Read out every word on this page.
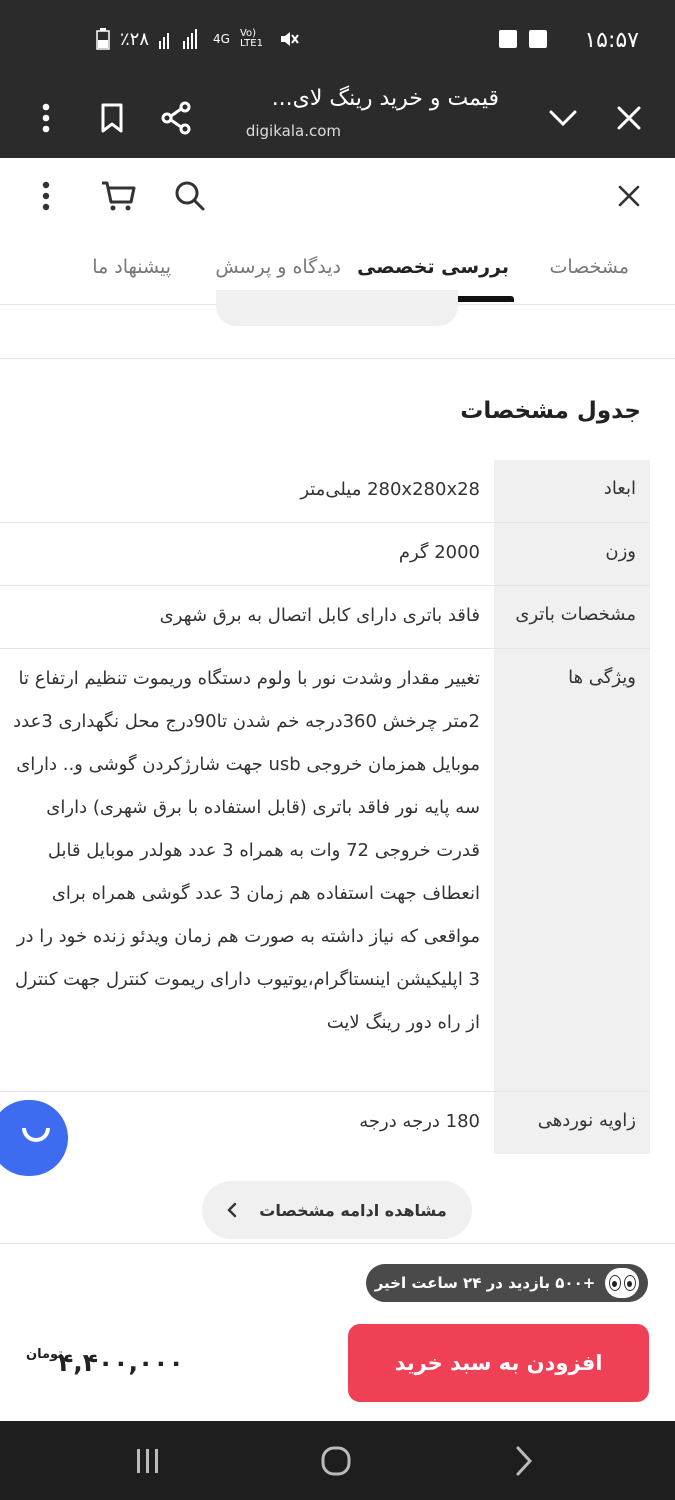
۱۵:۵۷
٪۲۸	4G Vo) LTE1
قیمت و خرید رینگ لای...
digikala.com
مشخصات
بررسی تخصصی
دیدگاه و پرسش
پیشنهاد ما
جدول مشخصات
ابعاد
280x280x28 میلی‌متر
وزن
2000 گرم
مشخصات باتری
فاقد باتری دارای کابل اتصال به برق شهری
ویژگی ها
تغییر مقدار وشدت نور با ولوم دستگاه وریموت تنظیم ارتفاع تا 2متر چرخش 360درجه خم شدن تا90درج محل نگهداری 3عدد موبایل همزمان خروجی usb جهت شارژکردن گوشی و.. دارای سه پایه نور فاقد باتری (قابل استفاده با برق شهری) دارای قدرت خروجی 72 وات به همراه 3 عدد هولدر موبایل قابل انعطاف جهت استفاده هم زمان 3 عدد گوشی همراه برای مواقعی که نیاز داشته به صورت هم زمان ویدئو زنده خود را در 3 اپلیکیشن اینستاگرام،یوتیوب دارای ریموت کنترل جهت کنترل از راه دور رینگ لایت
زاویه نوردهی
180 درجه درجه
مشاهده ادامه مشخصات
+۵۰۰ بازدید در ۲۴ ساعت اخیر
افزودن به سبد خرید
۴,۴۰۰,۰۰۰
تومان
